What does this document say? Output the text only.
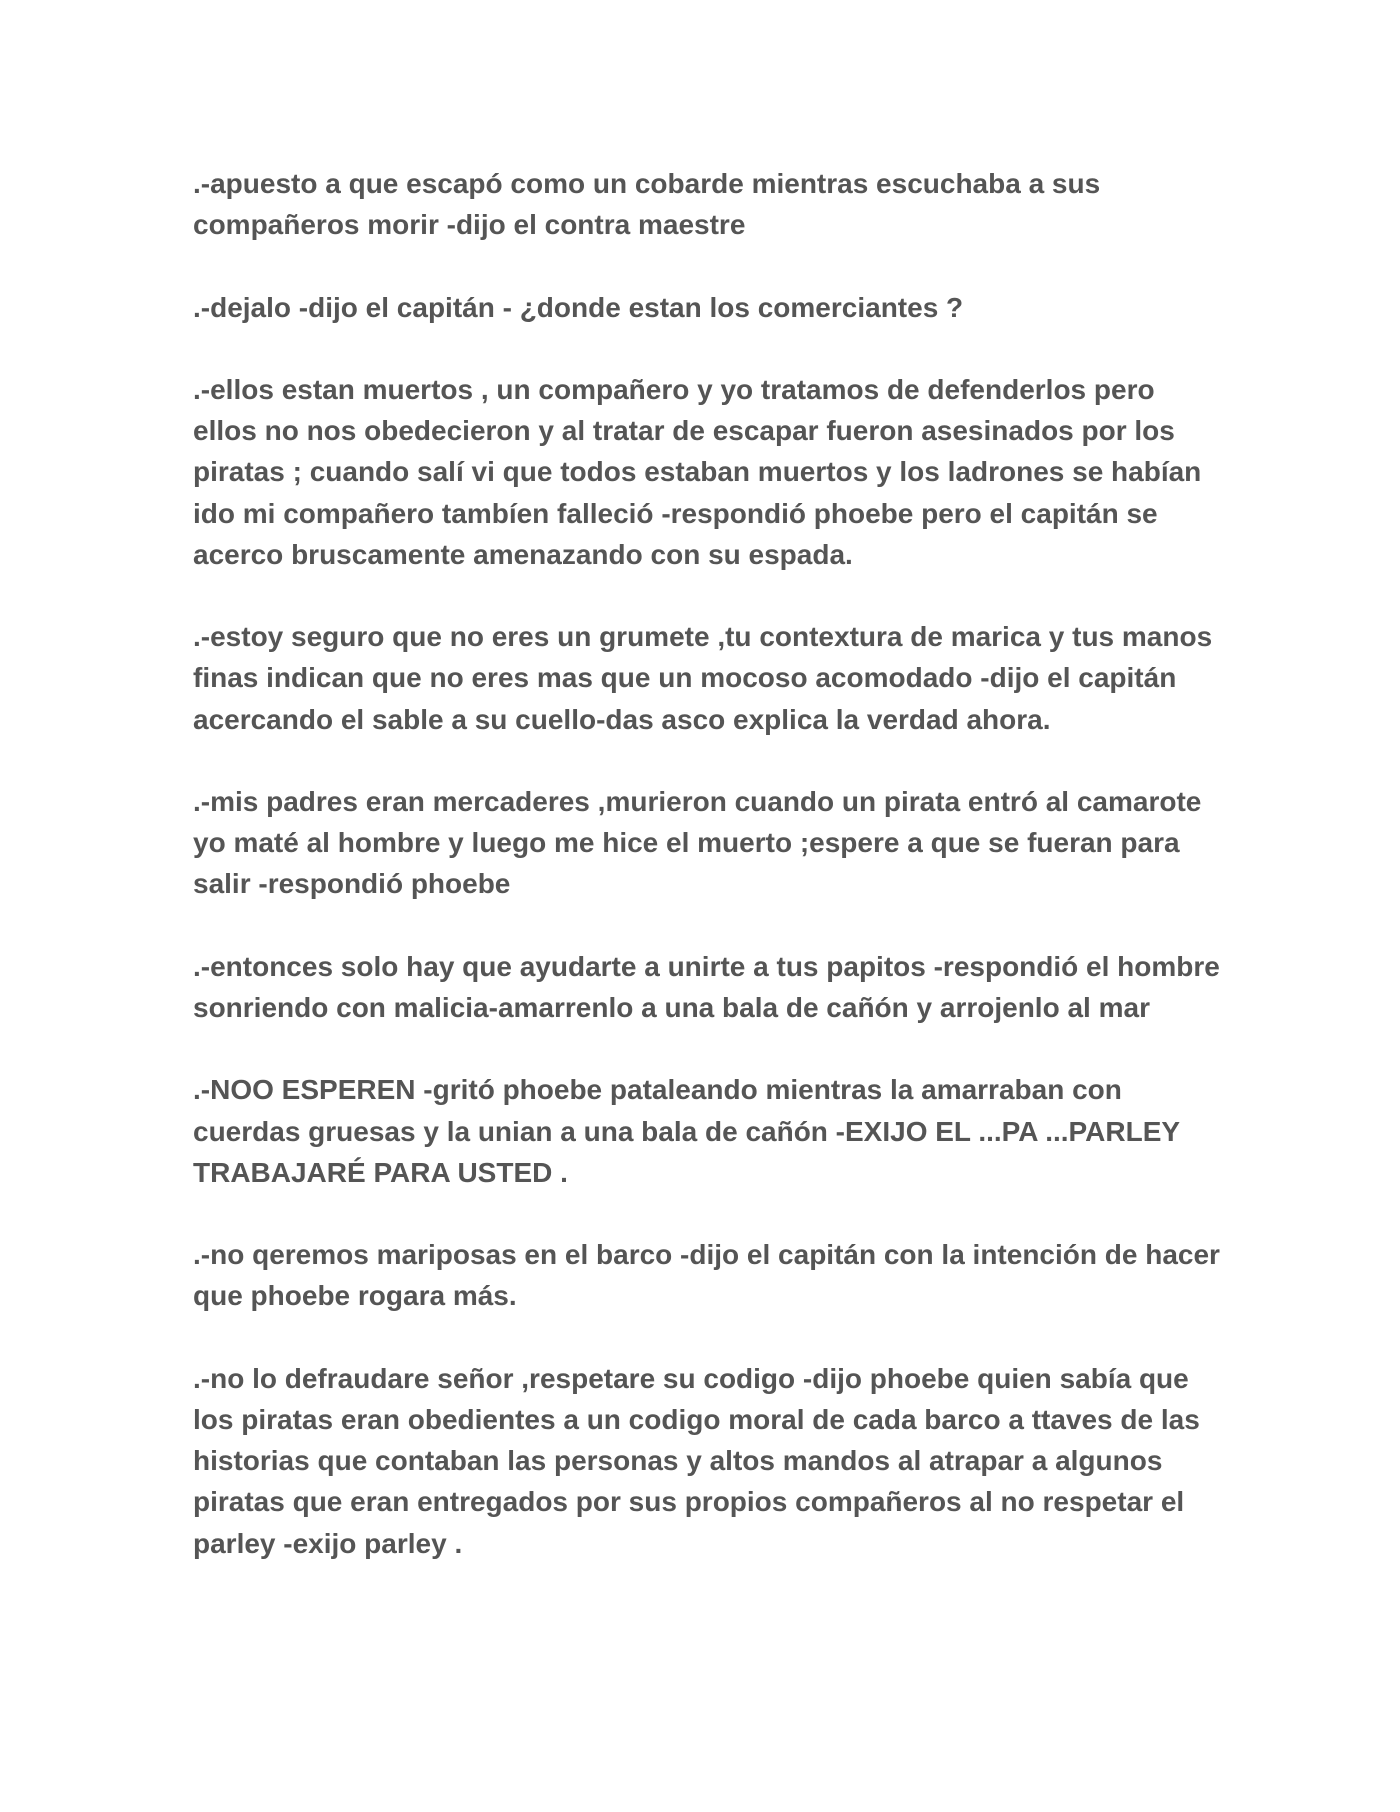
.-apuesto a que escapó como un cobarde mientras escuchaba a sus compañeros morir -dijo el contra maestre

.-dejalo -dijo el capitán - ¿donde estan los comerciantes ?

.-ellos estan muertos , un compañero y yo tratamos de defenderlos pero ellos no nos obedecieron y al tratar de escapar fueron asesinados por los piratas ; cuando salí vi que todos estaban muertos y los ladrones se habían ido mi compañero tambíen falleció -respondió phoebe pero el capitán se acerco bruscamente amenazando con su espada.

.-estoy seguro que no eres un grumete ,tu contextura de marica y tus manos finas indican que no eres mas que un mocoso acomodado -dijo el capitán acercando el sable a su cuello-das asco explica la verdad ahora.

.-mis padres eran mercaderes ,murieron cuando un pirata entró al camarote yo maté al hombre y luego me hice el muerto ;espere a que se fueran para salir -respondió phoebe

.-entonces solo hay que ayudarte a unirte a tus papitos -respondió el hombre sonriendo con malicia-amarrenlo a una bala de cañón y arrojenlo al mar

.-NOO ESPEREN -gritó phoebe pataleando mientras la amarraban con cuerdas gruesas y la unian a una bala de cañón -EXIJO EL ...PA ...PARLEY TRABAJARÉ PARA USTED .

.-no qeremos mariposas en el barco -dijo el capitán con la intención de hacer que phoebe rogara más.

.-no lo defraudare señor ,respetare su codigo -dijo phoebe quien sabía que los piratas eran obedientes a un codigo moral de cada barco a ttaves de las historias que contaban las personas y altos mandos al atrapar a algunos piratas que eran entregados por sus propios compañeros al no respetar el parley -exijo parley .
